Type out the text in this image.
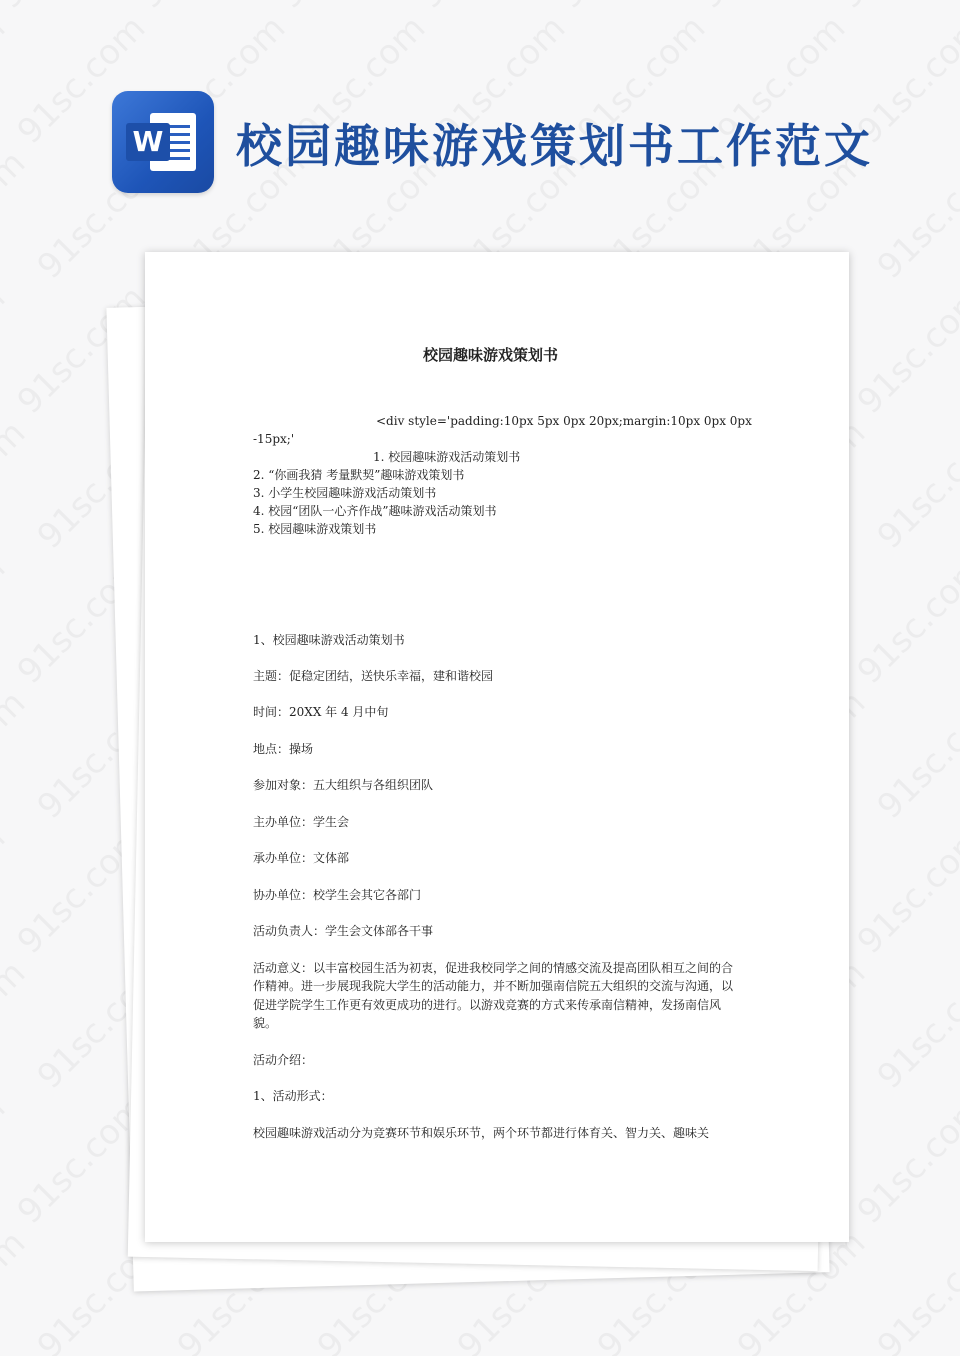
W 校园趣味游戏策划书工作范文
校园趣味游戏策划书
<div style='padding:10px 5px 0px 20px;margin:10px 0px 0px
-15px;'
1. 校园趣味游戏活动策划书
2. “你画我猜 考量默契”趣味游戏策划书
3. 小学生校园趣味游戏活动策划书
4. 校园“团队一心齐作战”趣味游戏活动策划书
5. 校园趣味游戏策划书
1、校园趣味游戏活动策划书
主题：促稳定团结，送快乐幸福，建和谐校园
时间：20XX 年 4 月中旬
地点：操场
参加对象：五大组织与各组织团队
主办单位：学生会
承办单位：文体部
协办单位：校学生会其它各部门
活动负责人：学生会文体部各干事
活动意义：以丰富校园生活为初衷，促进我校同学之间的情感交流及提高团队相互之间的合作精神。进一步展现我院大学生的活动能力，并不断加强南信院五大组织的交流与沟通，以促进学院学生工作更有效更成功的进行。以游戏竞赛的方式来传承南信精神，发扬南信风貌。
活动介绍：
1、活动形式：
校园趣味游戏活动分为竞赛环节和娱乐环节，两个环节都进行体育关、智力关、趣味关
